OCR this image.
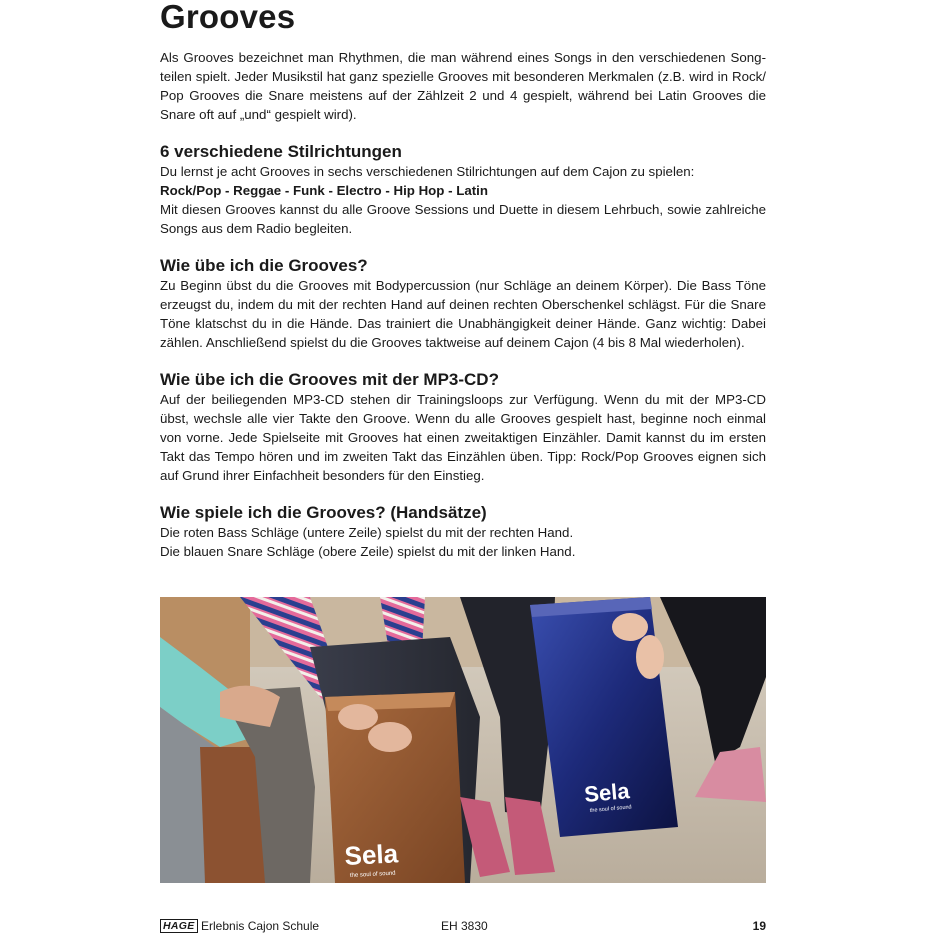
Grooves

Als Grooves bezeichnet man Rhythmen, die man während eines Songs in den verschiedenen Song-teilen spielt. Jeder Musikstil hat ganz spezielle Grooves mit besonderen Merkmalen (z.B. wird in Rock/ Pop Grooves die Snare meistens auf der Zählzeit 2 und 4 gespielt, während bei Latin Grooves die Snare oft auf „und“ gespielt wird).

6 verschiedene Stilrichtungen

Du lernst je acht Grooves in sechs verschiedenen Stilrichtungen auf dem Cajon zu spielen:

Rock/Pop - Reggae - Funk - Electro - Hip Hop - Latin

Mit diesen Grooves kannst du alle Groove Sessions und Duette in diesem Lehrbuch, sowie zahlreiche Songs aus dem Radio begleiten.

Wie übe ich die Grooves?

Zu Beginn übst du die Grooves mit Bodypercussion (nur Schläge an deinem Körper). Die Bass Töne erzeugst du, indem du mit der rechten Hand auf deinen rechten Oberschenkel schlägst. Für die Snare Töne klatschst du in die Hände. Das trainiert die Unabhängigkeit deiner Hände. Ganz wichtig: Dabei zählen. Anschließend spielst du die Grooves taktweise auf deinem Cajon (4 bis 8 Mal wiederholen).

Wie übe ich die Grooves mit der MP3-CD?

Auf der beiliegenden MP3-CD stehen dir Trainingsloops zur Verfügung. Wenn du mit der MP3-CD übst, wechsle alle vier Takte den Groove. Wenn du alle Grooves gespielt hast, beginne noch einmal von vorne. Jede Spielseite mit Grooves hat einen zweitaktigen Einzähler. Damit kannst du im ersten Takt das Tempo hören und im zweiten Takt das Einzählen üben. Tipp: Rock/Pop Grooves eignen sich auf Grund ihrer Einfachheit besonders für den Einstieg.

Wie spiele ich die Grooves? (Handsätze)

Die roten Bass Schläge (untere Zeile) spielst du mit der rechten Hand.

Die blauen Snare Schläge (obere Zeile) spielst du mit der linken Hand.

Sela
the soul of sound
Sela
the soul of sound
HAGE Erlebnis Cajon Schule	EH 3830	19
